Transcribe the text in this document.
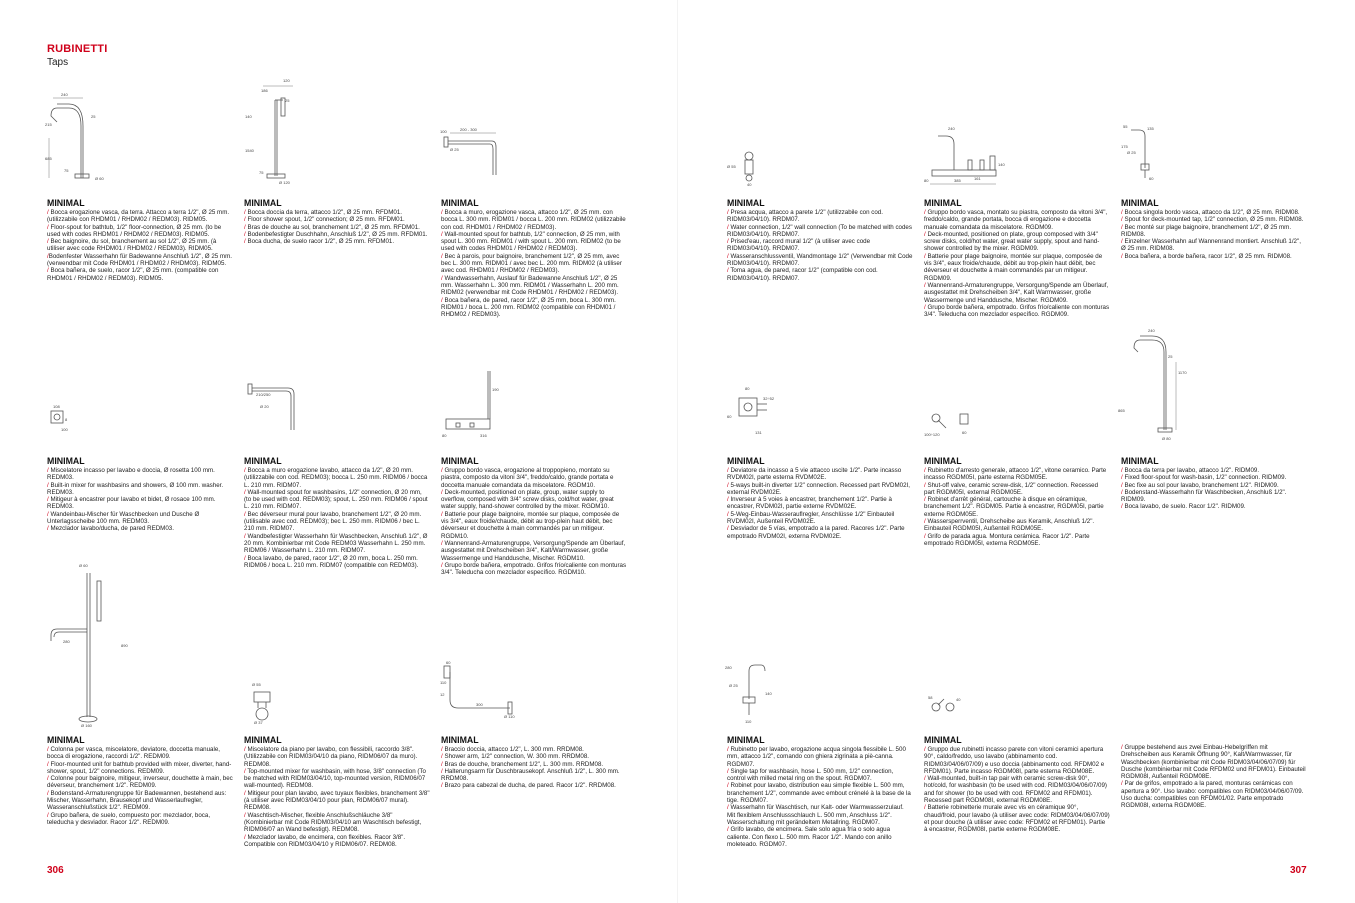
RUBINETTI
Taps
240
215
25
685
75
Ø 60
120
186
25
140
1540
75
Ø 120
100	200 - 300
Ø 25
Ø 55
40
240
140
80	385	161
55	135
175
Ø 25
60
108
8
100
210/250
Ø 20
190
80	316
80
60
32÷52
131	100÷120	60
240
25
1170
865
Ø 80
Ø 60
280
890
Ø 160
Ø 55
Ø 37
60
110
12
300
Ø 110
280
Ø 25
140
110
58	40
MINIMAL
/ Bocca erogazione vasca, da terra. Attacco a terra 1/2", Ø 25 mm. (utilizzabile con RHDM01 / RHDM02 / REDM03). RIDM05.
/ Floor-spout for bathtub, 1/2" floor-connection, Ø 25 mm. (to be used with codes RHDM01 / RHDM02 / REDM03). RIDM05.
/ Bec baignoire, du sol, branchement au sol 1/2", Ø 25 mm. (à utiliser avec code RHDM01 / RHDM02 / REDM03). RIDM05.
/Bodenfester Wasserhahn für Badewanne Anschluß 1/2", Ø 25 mm. (verwendbar mit Code RHDM01 / RHDM02 / RHDM03). RIDM05.
/ Boca bañera, de suelo, racor 1/2", Ø 25 mm. (compatible con RHDM01 / RHDM02 / REDM03). RIDM05.
MINIMAL
/ Bocca doccia da terra, attacco 1/2", Ø 25 mm. RFDM01.
/ Floor shower spout, 1/2" connection; Ø 25 mm. RFDM01.
/ Bras de douche au sol, branchement 1/2", Ø 25 mm. RFDM01.
/ Bodenbefestigter Duschhahn, Anschluß 1/2", Ø 25 mm. RFDM01.
/ Boca ducha, de suelo racor 1/2", Ø 25 mm. RFDM01.
MINIMAL
/ Bocca a muro, erogazione vasca, attacco 1/2", Ø 25 mm. con bocca L. 300 mm. RIDM01 / bocca L. 200 mm. RIDM02 (utilizzabile con cod. RHDM01 / RHDM02 / REDM03).
/ Wall-mounted spout for bathtub, 1/2" connection, Ø 25 mm, with spout L. 300 mm. RIDM01 / with spout L. 200 mm. RIDM02 (to be used with codes RHDM01 / RHDM02 / REDM03).
/ Bec à parois, pour baignoire, branchement 1/2", Ø 25 mm, avec bec L. 300 mm. RIDM01 / avec bec L. 200 mm. RIDM02 (à utiliser avec cod. RHDM01 / RHDM02 / REDM03).
/ Wandwasserhahn, Auslauf für Badewanne Anschluß 1/2", Ø 25 mm. Wasserhahn L. 300 mm. RIDM01 / Wasserhahn L. 200 mm. RIDM02 (verwendbar mit Code RHDM01 / RHDM02 / REDM03).
/ Boca bañera, de pared, racor 1/2", Ø 25 mm, boca L. 300 mm. RIDM01 / boca L. 200 mm. RIDM02 (compatible con RHDM01 / RHDM02 / REDM03).
MINIMAL
/ Presa acqua, attacco a parete 1/2" (utilizzabile con cod. RIDM03/04/10). RRDM07.
/ Water connection, 1/2" wall connection (To be matched with codes RIDM03/04/10). RRDM07.
/ Prised'eau, raccord mural 1/2" (à utiliser avec code RIDM03/04/10). RRDM07.
/ Wasseranschlussventil, Wandmontage 1/2" (Verwendbar mit Code RIDM03/04/10). RRDM07.
/ Toma agua, de pared, racor 1/2" (compatible con cod. RIDM03/04/10). RRDM07.
MINIMAL
/ Gruppo bordo vasca, montato su piastra, composto da vitoni 3/4", freddo/caldo, grande portata, bocca di erogazione e doccetta manuale comandata da miscelatore. RGDM09.
/ Deck-mounted, positioned on plate, group composed with 3/4" screw disks, cold/hot water, great water supply, spout and hand-shower controlled by the mixer. RGDM09.
/ Batterie pour plage baignoire, montée sur plaque, composée de vis 3/4", eaux froide/chaude, débit au trop-plein haut débit, bec déverseur et douchette à main commandés par un mitigeur. RGDM09.
/ Wannenrand-Armaturengruppe, Versorgung/Spende am Überlauf, ausgestattet mit Drehscheiben 3/4", Kalt Warmwasser, große Wassermenge und Handdusche, Mischer. RGDM09.
/ Grupo borde bañera, empotrado. Grifos frío/caliente con monturas 3/4". Teleducha con mezclador específico. RGDM09.
MINIMAL
/ Bocca singola bordo vasca, attacco da 1/2", Ø 25 mm. RIDM08.
/ Spout for deck-mounted tap, 1/2" connection, Ø 25 mm. RIDM08.
/ Bec monté sur plage baignoire, branchement 1/2", Ø 25 mm. RIDM08.
/ Einzelner Wasserhahn auf Wannenrand montiert. Anschluß 1/2", Ø 25 mm. RIDM08.
/ Boca bañera, a borde bañera, racor 1/2", Ø 25 mm. RIDM08.
MINIMAL
/ Miscelatore incasso per lavabo e doccia, Ø rosetta 100 mm. REDM03.
/ Built-in mixer for washbasins and showers, Ø 100 mm. washer. REDM03.
/ Mitigeur à encastrer pour lavabo et bidet, Ø rosace 100 mm. REDM03.
/ Wandeinbau-Mischer für Waschbecken und Dusche Ø Unterlagsscheibe 100 mm. REDM03.
/ Mezclador lavabo/ducha, de pared REDM03.
MINIMAL
/ Bocca a muro erogazione lavabo, attacco da 1/2", Ø 20 mm. (utilizzabile con cod. REDM03); bocca L. 250 mm. RIDM06 / bocca L. 210 mm. RIDM07.
/ Wall-mounted spout for washbasins, 1/2" connection, Ø 20 mm, (to be used with cod. REDM03); spout, L. 250 mm. RIDM06 / spout L. 210 mm. RIDM07.
/ Bec déverseur mural pour lavabo, branchement 1/2", Ø 20 mm. (utilisable avec cod. REDM03); bec L. 250 mm. RIDM06 / bec L. 210 mm. RIDM07.
/ Wandbefestigter Wasserhahn für Waschbecken, Anschluß 1/2", Ø 20 mm. Kombinierbar mit Code REDM03 Wasserhahn L. 250 mm. RIDM06 / Wasserhahn L. 210 mm. RIDM07.
/ Boca lavabo, de pared, racor 1/2", Ø 20 mm, boca L. 250 mm. RIDM06 / boca L. 210 mm. RIDM07 (compatible con REDM03).
MINIMAL
/ Gruppo bordo vasca, erogazione al troppopieno, montato su piastra, composto da vitoni 3/4", freddo/caldo, grande portata e doccetta manuale comandata da miscelatore. RGDM10.
/ Deck-mounted, positioned on plate, group, water supply to overflow, composed with 3/4" screw disks, cold/hot water, great water supply, hand-shower controlled by the mixer. RGDM10.
/ Batterie pour plage baignoire, montée sur plaque, composée de vis 3/4", eaux froide/chaude, débit au trop-plein haut débit, bec déverseur et douchette à main commandés par un mitigeur. RGDM10.
/ Wannenrand-Armaturengruppe, Versorgung/Spende am Überlauf, ausgestattet mit Drehscheiben 3/4", Kalt/Warmwasser, große Wassermenge und Handdusche, Mischer. RGDM10.
/ Grupo borde bañera, empotrado. Grifos frío/caliente con monturas 3/4". Teleducha con mezclador específico. RGDM10.
MINIMAL
/ Deviatore da incasso a 5 vie attacco uscite 1/2". Parte incasso RVDM02I, parte esterna RVDM02E.
/ 5-ways built-in diverter 1/2" connection. Recessed part RVDM02I, external RVDM02E.
/ Inverseur à 5 voies à encastrer, branchement 1/2". Partie à encastrer, RVDM02I, partie externe RVDM02E.
/ 5-Weg-Einbau-Wasserauflregler, Anschlüsse 1/2" Einbauteil RVDM02I, Außenteil RVDM02E.
/ Desviador de 5 vías, empotrado a la pared. Racores 1/2". Parte empotrado RVDM02I, externa RVDM02E.
MINIMAL
/ Rubinetto d'arresto generale, attacco 1/2", vitone ceramico. Parte incasso RGDM05I, parte esterna RGDM05E.
/ Shut-off valve, ceramic screw-disk, 1/2" connection. Recessed part RGDM05I, external RGDM05E.
/ Robinet d'arrêt général, cartouche à disque en céramique, branchement 1/2". RGDM05. Partie à encastrer, RGDM05I, partie externe RGDM05E.
/ Wassersperrventil, Drehscheibe aus Keramik, Anschluß 1/2". Einbauteil RGDM05I, Außenteil RGDM05E.
/ Grifo de parada agua. Montura cerámica. Racor 1/2". Parte empotrado RGDM05I, externa RGDM05E.
MINIMAL
/ Bocca da terra per lavabo, attacco 1/2". RIDM09.
/ Fixed floor-spout for wash-basin, 1/2" connection. RIDM09.
/ Bec fixe au sol pour lavabo, branchement 1/2". RIDM09.
/ Bodenstand-Wasserhahn für Waschbecken, Anschluß 1/2". RIDM09.
/ Boca lavabo, de suelo. Racor 1/2". RIDM09.
MINIMAL
/ Colonna per vasca, miscelatore, deviatore, doccetta manuale, bocca di erogazione, raccordi 1/2". REDM09.
/ Floor-mounted unit for bathtub provided with mixer, diverter, hand-shower, spout, 1/2" connections. REDM09.
/ Colonne pour baignoire, mitigeur, inverseur, douchette à main, bec déverseur, branchement 1/2". REDM09.
/ Bodenstand-Armaturengruppe für Badewannen, bestehend aus: Mischer, Wasserhahn, Brausekopf und Wasserlaufregler, Wasseranschlußstück 1/2". REDM09.
/ Grupo bañera, de suelo, compuesto por: mezclador, boca, teleducha y desviador. Racor 1/2". REDM09.
MINIMAL
/ Miscelatore da piano per lavabo, con flessibili, raccordo 3/8". (Utilizzabile con RIDM03/04/10 da piano, RIDM06/07 da muro). REDM08.
/ Top-mounted mixer for washbasin, with hose, 3/8" connection (To be matched with RIDM03/04/10, top-mounted version, RIDM06/07 wall-mounted). REDM08.
/ Mitigeur pour plan lavabo, avec tuyaux flexibles, branchement 3/8" (à utiliser avec RIDM03/04/10 pour plan, RIDM06/07 mural). REDM08.
/ Waschtisch-Mischer, flexible Anschlußschläuche 3/8" (Kombinierbar mit Code RIDM03/04/10 am Waschtisch befestigt, RIDM06/07 an Wand befestigt). REDM08.
/ Mezclador lavabo, de encimera, con flexibles. Racor 3/8". Compatible con RIDM03/04/10 y RIDM06/07. REDM08.
MINIMAL
/ Braccio doccia, attacco 1/2", L. 300 mm. RRDM08.
/ Shower arm, 1/2" connection, W. 300 mm. RRDM08.
/ Bras de douche, branchement 1/2", L. 300 mm. RRDM08.
/ Halterungsarm für Duschbrausekopf. Anschluß 1/2", L. 300 mm. RRDM08.
/ Brazo para cabezal de ducha, de pared. Racor 1/2". RRDM08.
MINIMAL
/ Rubinetto per lavabo, erogazione acqua singola flessibile L. 500 mm, attacco 1/2", comando con ghiera zigrinata a piè-canna. RGDM07.
/ Single tap for washbasin, hose L. 500 mm, 1/2" connection, control with milled metal ring on the spout. RGDM07.
/ Robinet pour lavabo, distribution eau simple flexible L. 500 mm, branchement 1/2", commande avec embout crénelé à la base de la tige. RGDM07.
/ Wasserhahn für Waschtisch, nur Kalt- oder Warmwasserzulauf. Mit flexiblem Anschlussschlauch L. 500 mm, Anschluss 1/2". Wasserschaltung mit gerändeltem Metallring. RGDM07.
/ Grifo lavabo, de encimera. Sale solo agua fría o solo agua caliente. Con flexo L. 500 mm. Racor 1/2". Mando con anillo moleteado. RGDM07.
MINIMAL
/ Gruppo due rubinetti incasso parete con vitoni ceramici apertura 90°, caldo/freddo, uso lavabo (abbinamento cod. RIDM03/04/06/07/09) e uso doccia (abbinamento cod. RFDM02 e RFDM01). Parte incasso RGDM08I, parte esterna RGDM08E.
/ Wall-mounted, built-in tap pair with ceramic screw-disk 90°, hot/cold, for washbasin (to be used with cod. RIDM03/04/06/07/09) and for shower (to be used with cod. RFDM02 and RFDM01). Recessed part RGDM08I, external RGDM08E.
/ Batterie robinetterie murale avec vis en céramique 90°, chaud/froid, pour lavabo (à utiliser avec code: RIDM03/04/06/07/09) et pour douche (à utiliser avec code: RFDM02 et RFDM01). Partie à encastrer, RGDM08I, partie externe RGDM08E.
/ Gruppe bestehend aus zwei Einbau-Hebelgriffen mit Drehscheiben aus Keramik Öffnung 90°, Kalt/Warmwasser, für Waschbecken (kombinierbar mit Code RIDM03/04/06/07/09) für Dusche (kombinierbar mit Code RFDM02 und RFDM01). Einbauteil RGDM08I, Außenteil RGDM08E.
/ Par de grifos, empotrado a la pared, monturas cerámicas con apertura a 90°. Uso lavabo: compatibles con RIDM03/04/06/07/09. Uso ducha: compatibles con RFDM01/02. Parte empotrado RGDM08I, externa RGDM08E.
306	307
